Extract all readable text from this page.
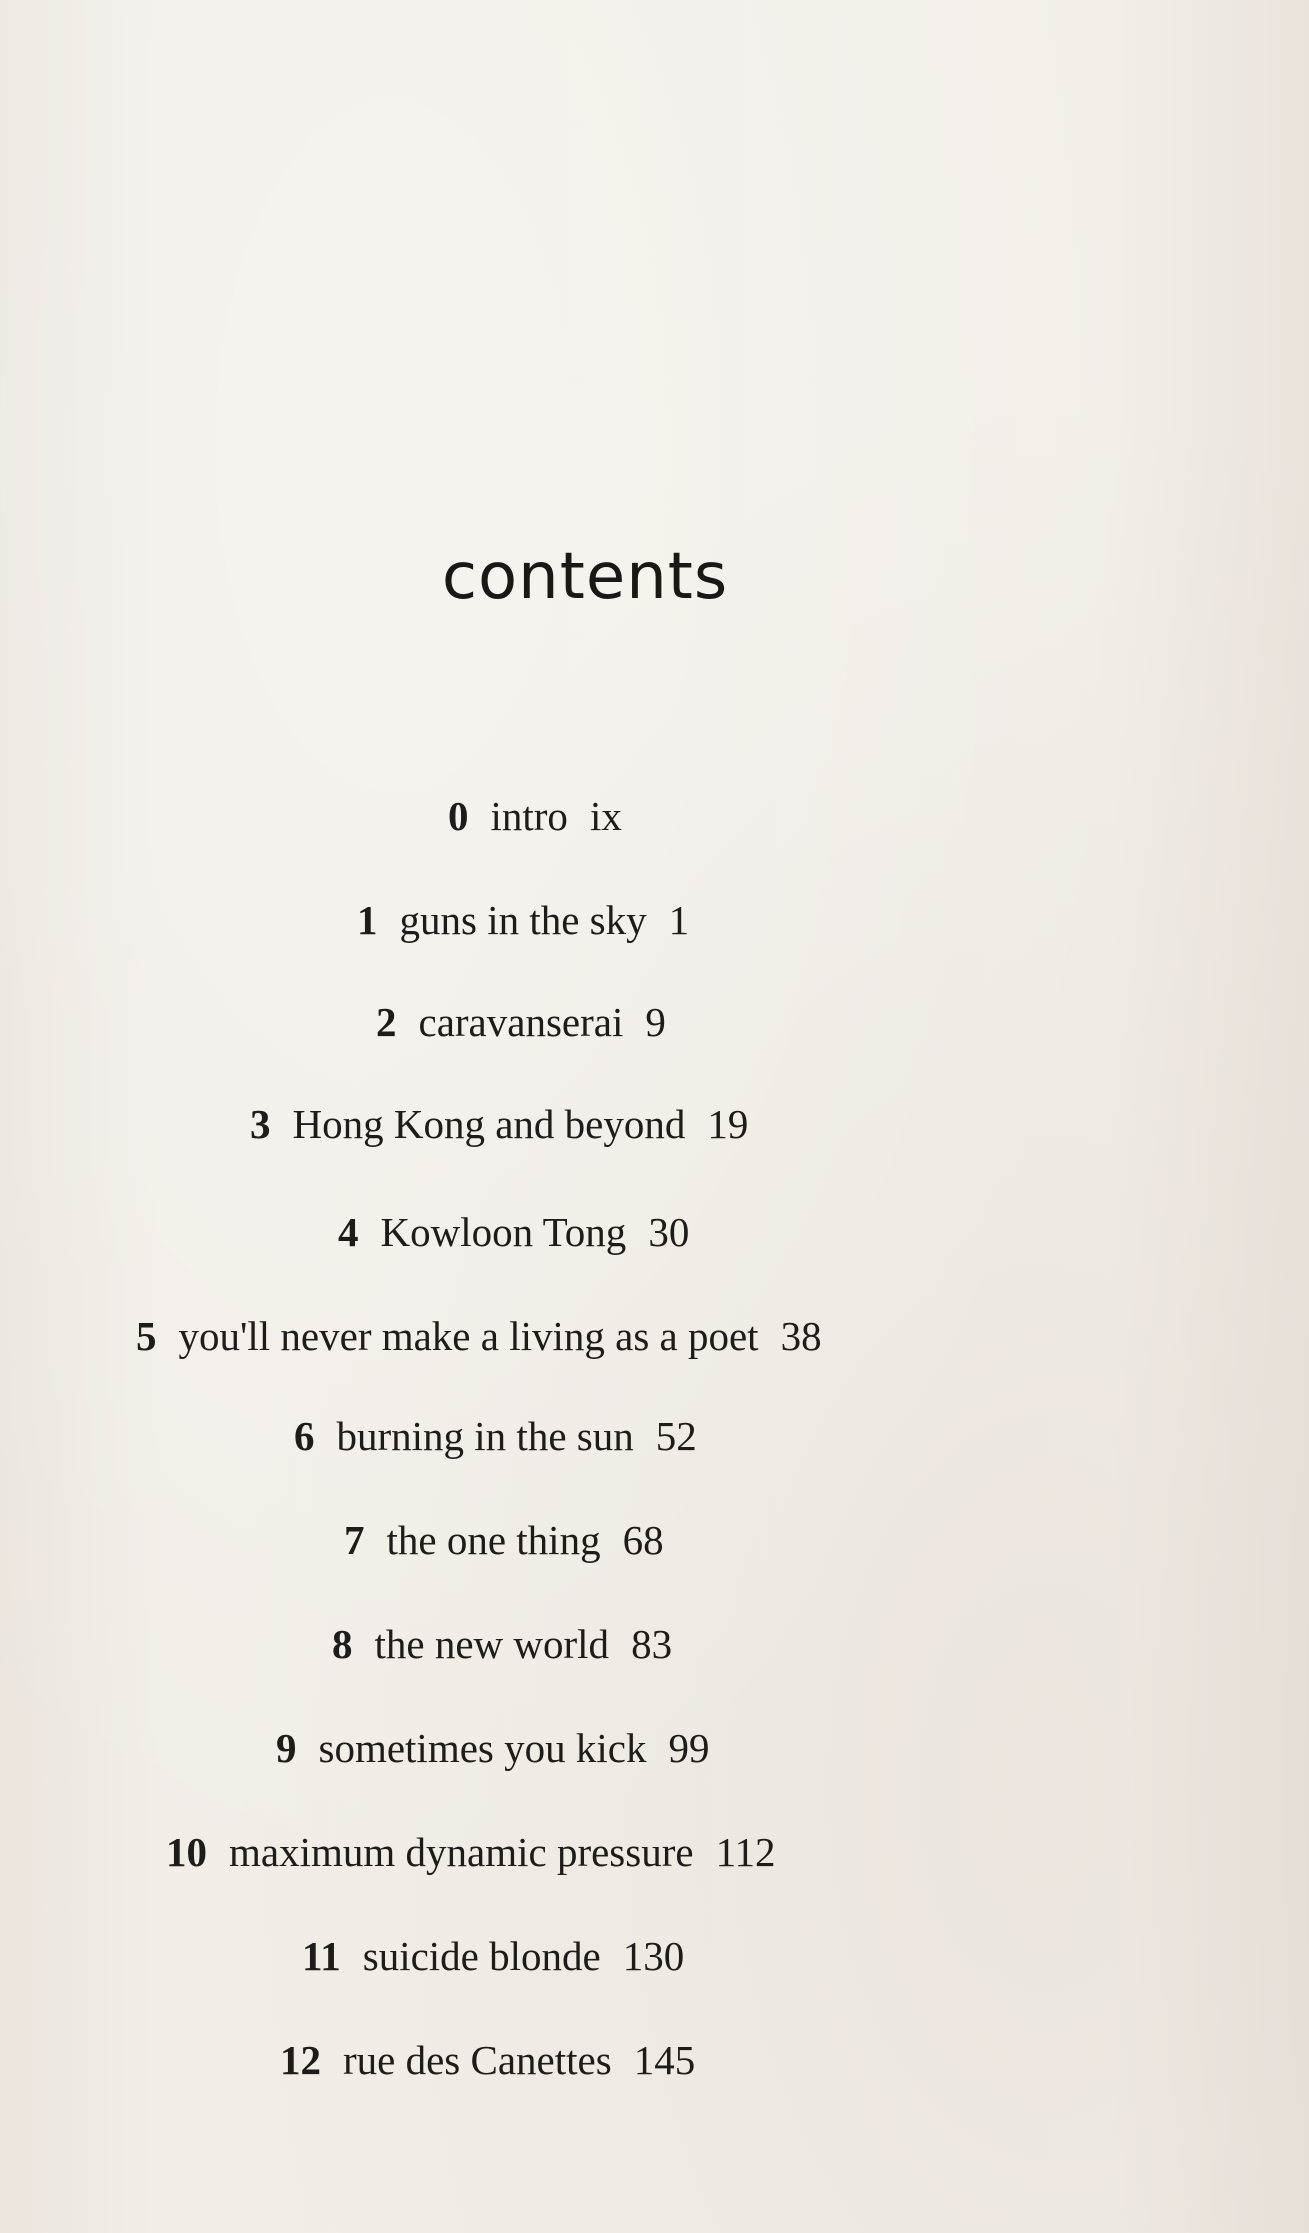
contents
0 intro ix
1 guns in the sky 1
2 caravanserai 9
3 Hong Kong and beyond 19
4 Kowloon Tong 30
5 you'll never make a living as a poet 38
6 burning in the sun 52
7 the one thing 68
8 the new world 83
9 sometimes you kick 99
10 maximum dynamic pressure 112
11 suicide blonde 130
12 rue des Canettes 145
